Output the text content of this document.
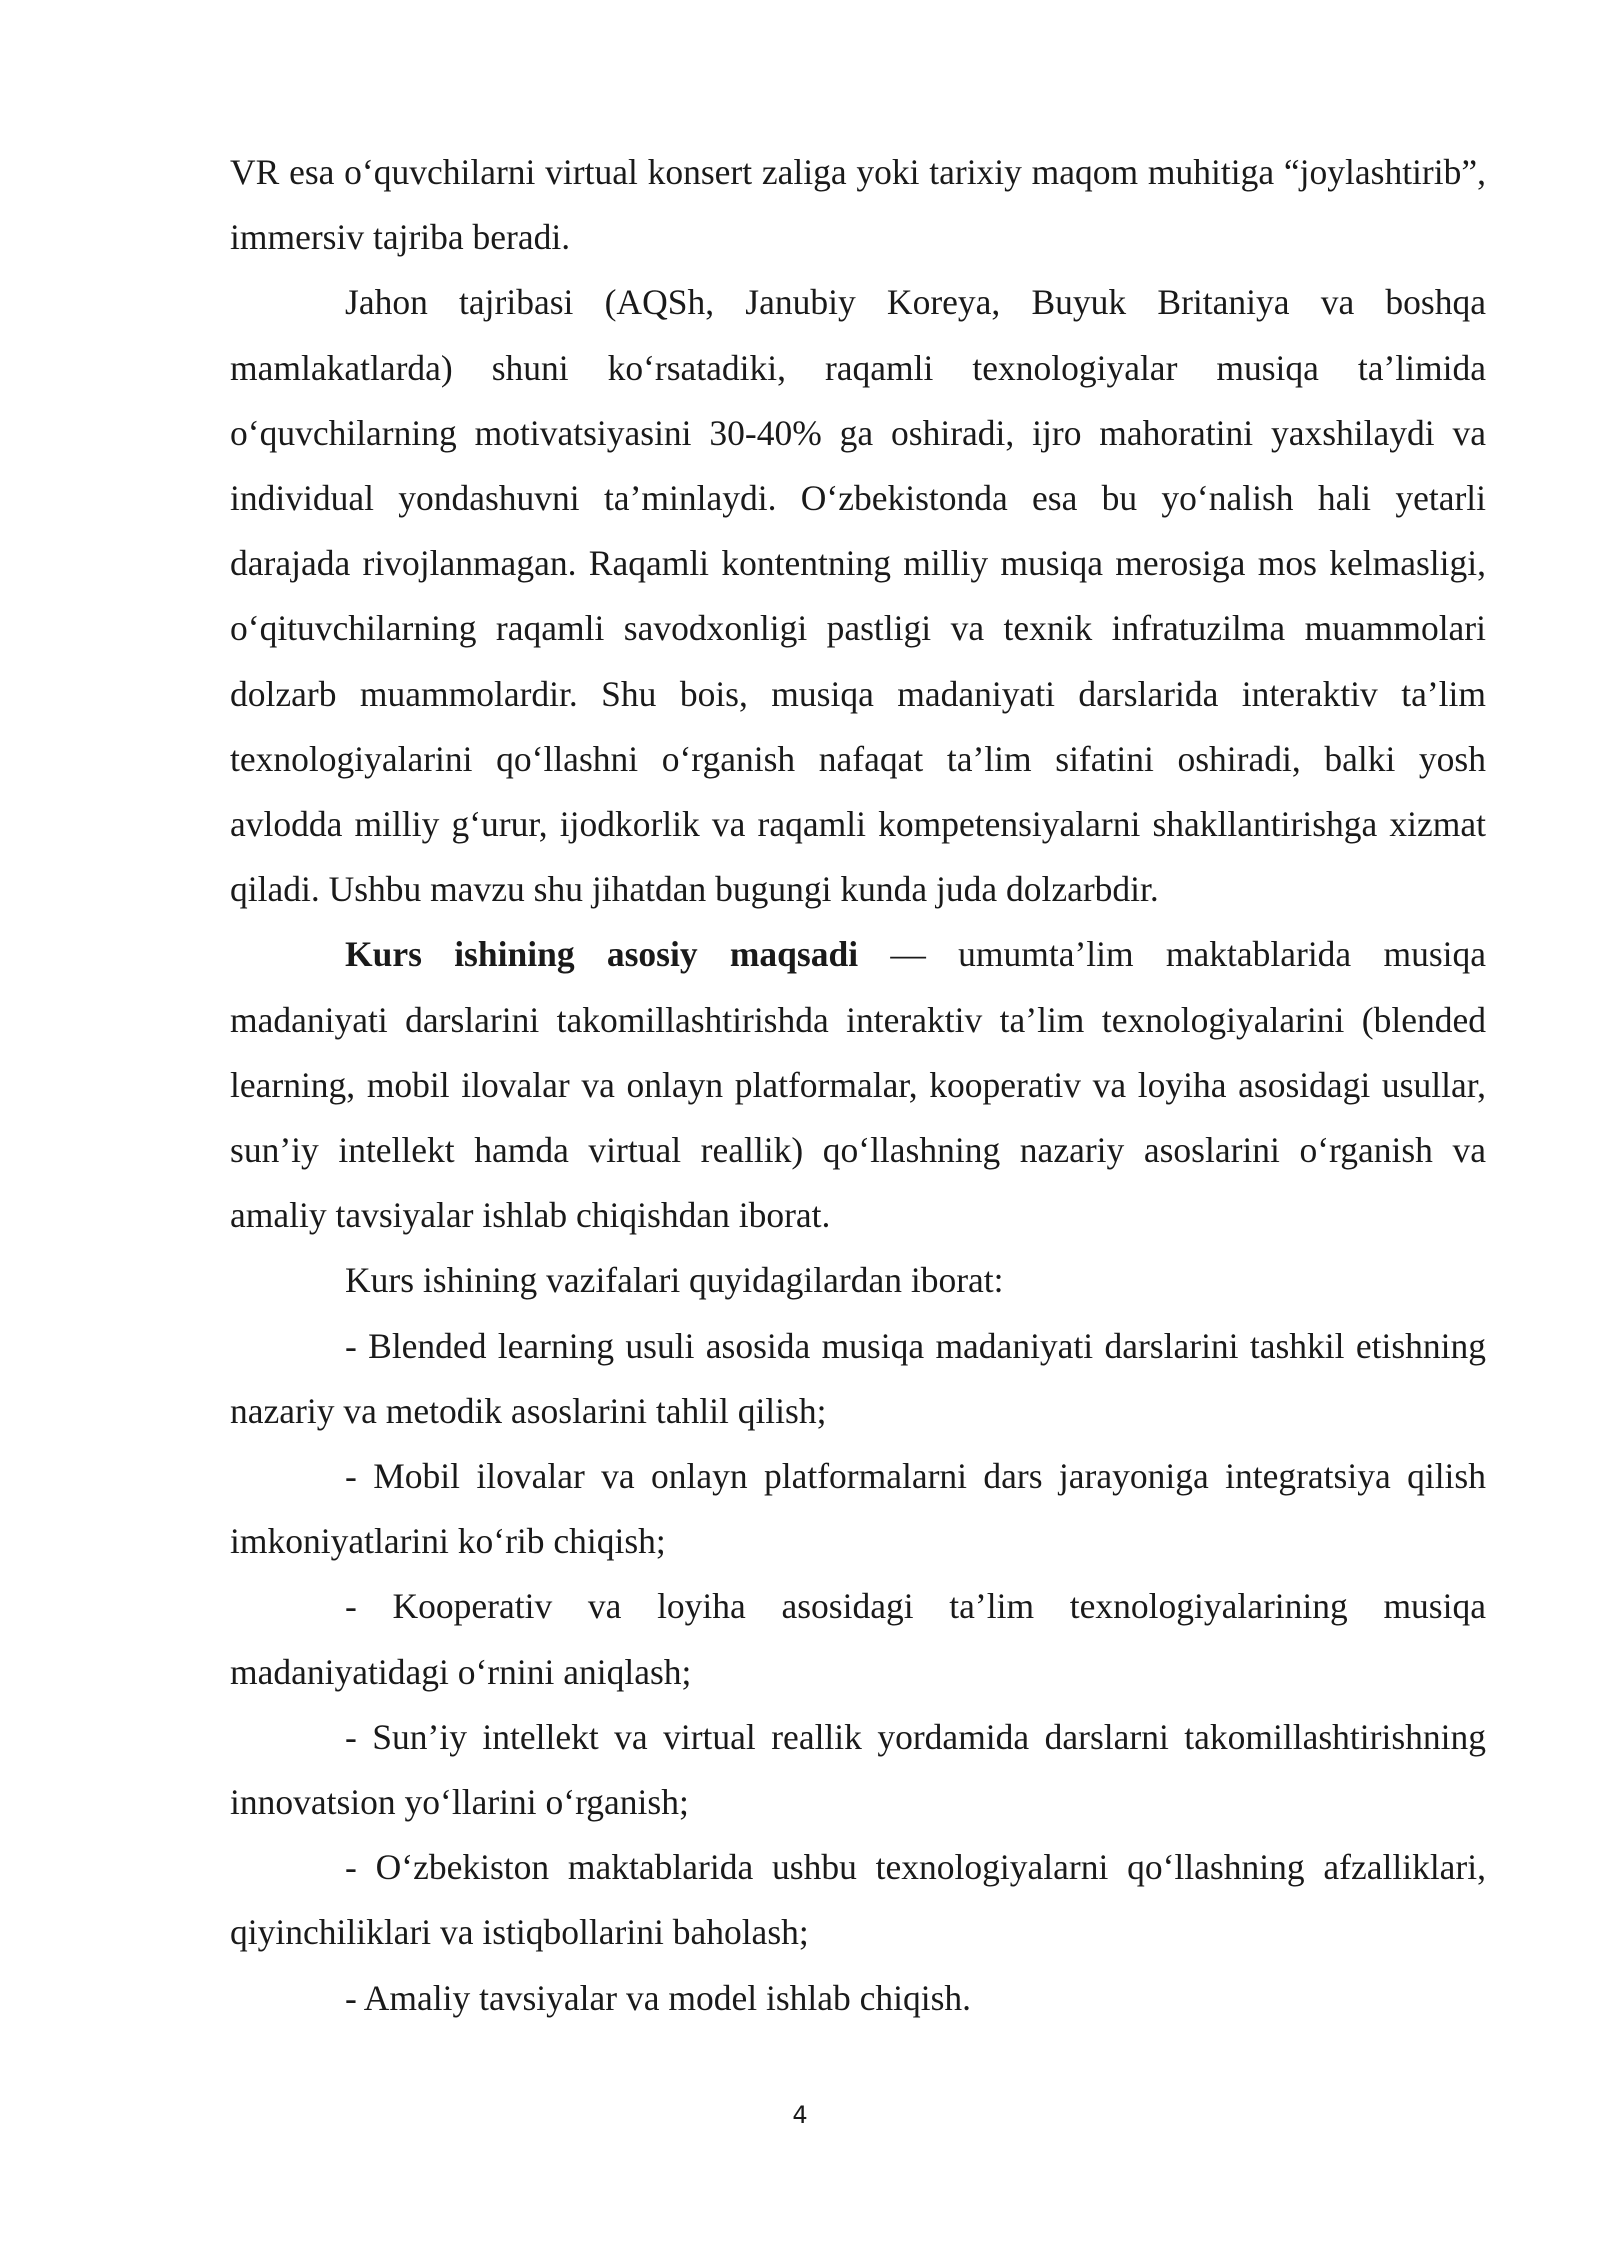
VR esa o‘quvchilarni virtual konsert zaliga yoki tarixiy maqom muhitiga “joylashtirib”, immersiv tajriba beradi.

Jahon tajribasi (AQSh, Janubiy Koreya, Buyuk Britaniya va boshqa mamlakatlarda) shuni ko‘rsatadiki, raqamli texnologiyalar musiqa ta’limida o‘quvchilarning motivatsiyasini 30-40% ga oshiradi, ijro mahoratini yaxshilaydi va individual yondashuvni ta’minlaydi. O‘zbekistonda esa bu yo‘nalish hali yetarli darajada rivojlanmagan. Raqamli kontentning milliy musiqa merosiga mos kelmasligi, o‘qituvchilarning raqamli savodxonligi pastligi va texnik infratuzilma muammolari dolzarb muammolardir. Shu bois, musiqa madaniyati darslarida interaktiv ta’lim texnologiyalarini qo‘llashni o‘rganish nafaqat ta’lim sifatini oshiradi, balki yosh avlodda milliy g‘urur, ijodkorlik va raqamli kompetensiyalarni shakllantirishga xizmat qiladi. Ushbu mavzu shu jihatdan bugungi kunda juda dolzarbdir.

Kurs ishining asosiy maqsadi — umumta’lim maktablarida musiqa madaniyati darslarini takomillashtirishda interaktiv ta’lim texnologiyalarini (blended learning, mobil ilovalar va onlayn platformalar, kooperativ va loyiha asosidagi usullar, sun’iy intellekt hamda virtual reallik) qo‘llashning nazariy asoslarini o‘rganish va amaliy tavsiyalar ishlab chiqishdan iborat.

Kurs ishining vazifalari quyidagilardan iborat:

- Blended learning usuli asosida musiqa madaniyati darslarini tashkil etishning nazariy va metodik asoslarini tahlil qilish;

- Mobil ilovalar va onlayn platformalarni dars jarayoniga integratsiya qilish imkoniyatlarini ko‘rib chiqish;

- Kooperativ va loyiha asosidagi ta’lim texnologiyalarining musiqa madaniyatidagi o‘rnini aniqlash;

- Sun’iy intellekt va virtual reallik yordamida darslarni takomillashtirishning innovatsion yo‘llarini o‘rganish;

- O‘zbekiston maktablarida ushbu texnologiyalarni qo‘llashning afzalliklari, qiyinchiliklari va istiqbollarini baholash;

- Amaliy tavsiyalar va model ishlab chiqish.

4
